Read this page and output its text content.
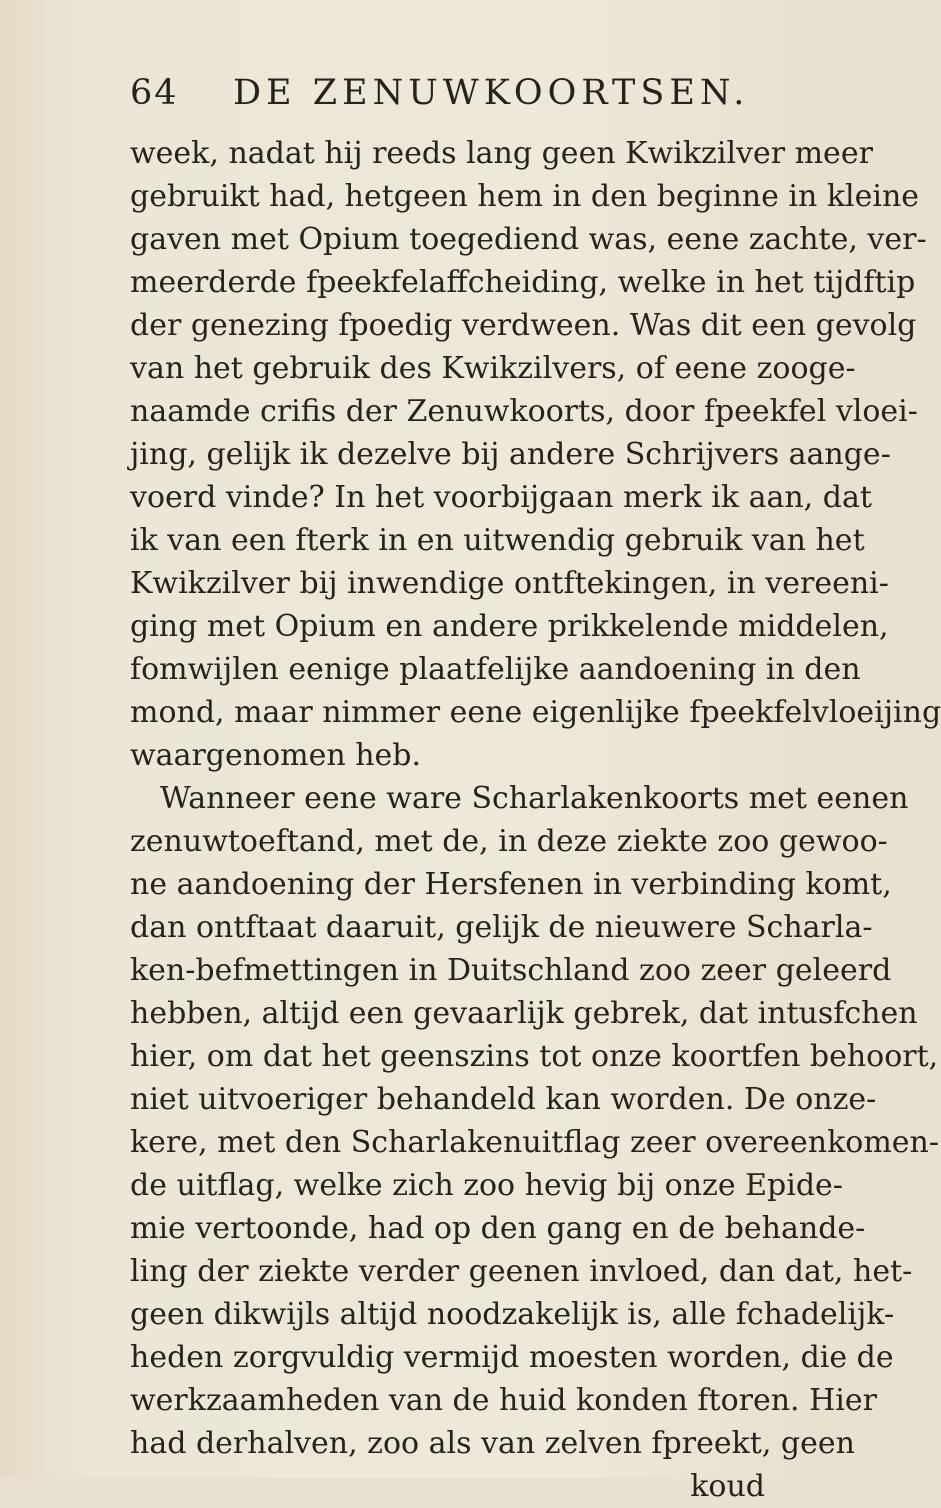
64 DE ZENUWKOORTSEN.
week, nadat hij reeds lang geen Kwikzilver meer
gebruikt had, hetgeen hem in den beginne in kleine
gaven met Opium toegediend was, eene zachte, ver-
meerderde fpeekfelaffcheiding, welke in het tijdftip
der genezing fpoedig verdween. Was dit een gevolg
van het gebruik des Kwikzilvers, of eene zooge-
naamde crifis der Zenuwkoorts, door fpeekfel vloei-
jing, gelijk ik dezelve bij andere Schrijvers aange-
voerd vinde? In het voorbijgaan merk ik aan, dat
ik van een fterk in en uitwendig gebruik van het
Kwikzilver bij inwendige ontftekingen, in vereeni-
ging met Opium en andere prikkelende middelen,
fomwijlen eenige plaatfelijke aandoening in den
mond, maar nimmer eene eigenlijke fpeekfelvloeijing
waargenomen heb.
Wanneer eene ware Scharlakenkoorts met eenen
zenuwtoeftand, met de, in deze ziekte zoo gewoo-
ne aandoening der Hersfenen in verbinding komt,
dan ontftaat daaruit, gelijk de nieuwere Scharla-
ken-befmettingen in Duitschland zoo zeer geleerd
hebben, altijd een gevaarlijk gebrek, dat intusfchen
hier, om dat het geenszins tot onze koortfen behoort,
niet uitvoeriger behandeld kan worden. De onze-
kere, met den Scharlakenuitflag zeer overeenkomen-
de uitflag, welke zich zoo hevig bij onze Epide-
mie vertoonde, had op den gang en de behande-
ling der ziekte verder geenen invloed, dan dat, het-
geen dikwijls altijd noodzakelijk is, alle fchadelijk-
heden zorgvuldig vermijd moesten worden, die de
werkzaamheden van de huid konden ftoren. Hier
had derhalven, zoo als van zelven fpreekt, geen
koud
